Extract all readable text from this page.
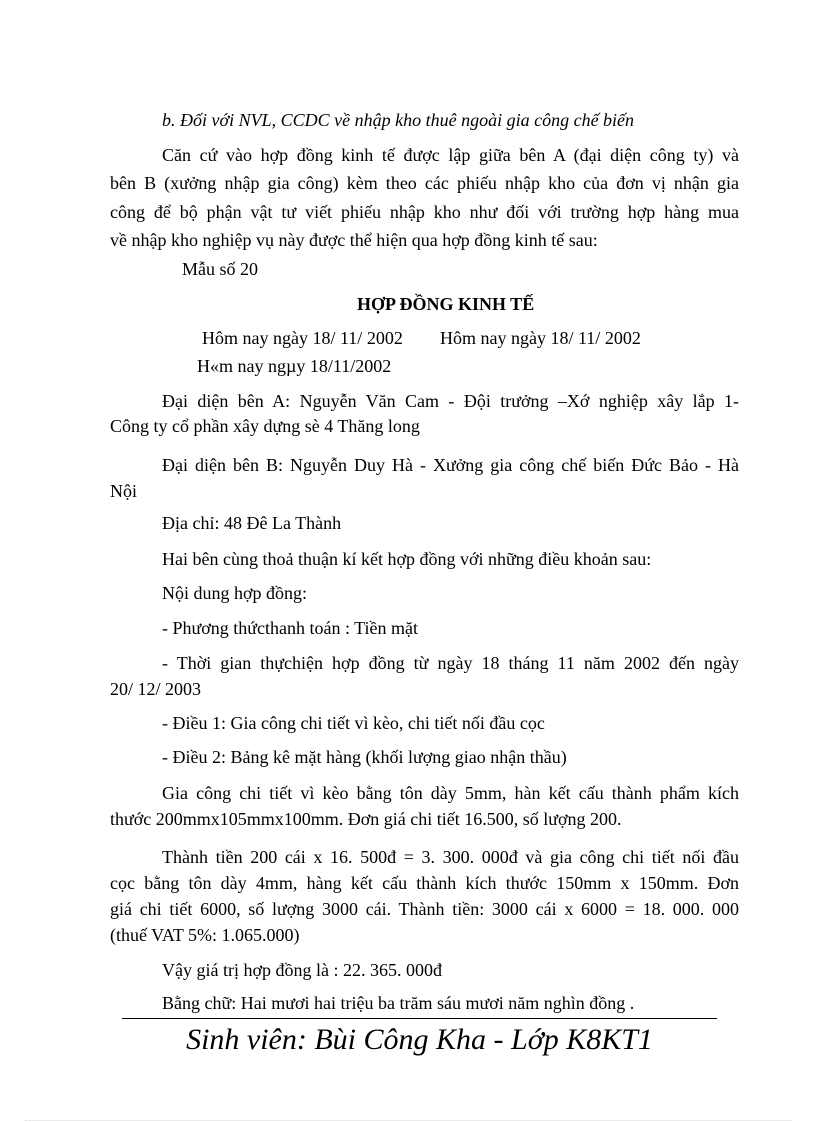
b. Đối với NVL, CCDC về nhập kho thuê ngoài gia công chế biến
Căn cứ vào hợp đồng kinh tế được lập giữa bên A (đại diện công ty) và
bên B (xưởng nhập gia công) kèm theo các phiếu nhập kho của đơn vị nhận gia
công để bộ phận vật tư viết phiếu nhập kho như đối với trường hợp hàng mua
về nhập kho nghiệp vụ này được thể hiện qua hợp đồng kinh tế sau:
Mẫu số 20
HỢP ĐỒNG KINH TẾ
Hôm nay ngày 18/ 11/ 2002 Hôm nay ngày 18/ 11/ 2002
H«m nay ngµy 18/11/2002
Đại diện bên A: Nguyễn Văn Cam - Đội trưởng –Xớ nghiệp xây lắp 1-
Công ty cổ phần xây dựng sè 4 Thăng long
Đại diện bên B: Nguyễn Duy Hà - Xưởng gia công chế biến Đức Bảo - Hà
Nội
Địa chỉ: 48 Đê La Thành
Hai bên cùng thoả thuận kí kết hợp đồng với những điều khoản sau:
Nội dung hợp đồng:
- Phương thứcthanh toán : Tiền mặt
- Thời gian thựchiện hợp đồng từ ngày 18 tháng 11 năm 2002 đến ngày
20/ 12/ 2003
- Điều 1: Gia công chi tiết vì kèo, chi tiết nối đầu cọc
- Điều 2: Bảng kê mặt hàng (khối lượng giao nhận thầu)
Gia công chi tiết vì kèo bằng tôn dày 5mm, hàn kết cấu thành phẩm kích
thước 200mmx105mmx100mm. Đơn giá chi tiết 16.500, số lượng 200.
Thành tiền 200 cái x 16. 500đ = 3. 300. 000đ và gia công chi tiết nối đầu
cọc bằng tôn dày 4mm, hàng kết cấu thành kích thước 150mm x 150mm. Đơn
giá chi tiết 6000, số lượng 3000 cái. Thành tiền: 3000 cái x 6000 = 18. 000. 000
(thuế VAT 5%: 1.065.000)
Vậy giá trị hợp đồng là : 22. 365. 000đ
Bằng chữ: Hai mươi hai triệu ba trăm sáu mươi năm nghìn đồng .
Sinh viên: Bùi Công Kha - Lớp K8KT1
